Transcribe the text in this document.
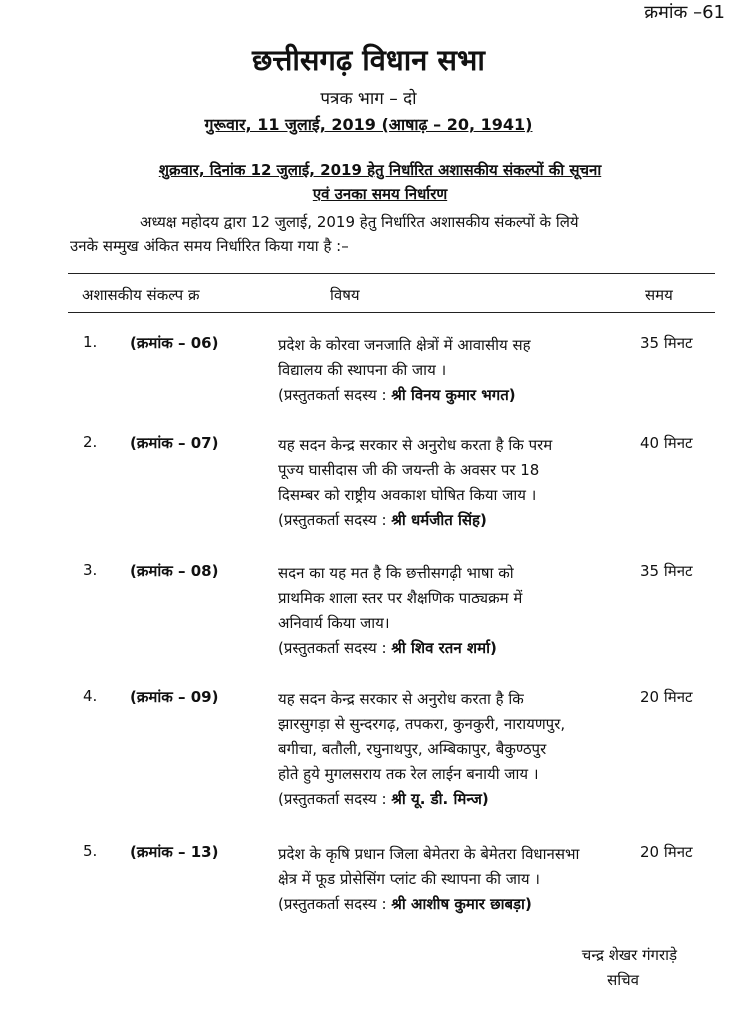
क्रमांक –61
छत्तीसगढ़ विधान सभा
पत्रक भाग – दो
गुरूवार, 11 जुलाई, 2019 (आषाढ़ – 20, 1941)
शुक्रवार, दिनांक 12 जुलाई, 2019 हेतु निर्धारित अशासकीय संकल्पों की सूचना
एवं उनका समय निर्धारण
अध्यक्ष महोदय द्वारा 12 जुलाई, 2019 हेतु निर्धारित अशासकीय संकल्पों के लिये
उनके सम्मुख अंकित समय निर्धारित किया गया है :–
अशासकीय संकल्प क्र	विषय	समय
1. (क्रमांक – 06)	प्रदेश के कोरवा जनजाति क्षेत्रों में आवासीय सह
विद्यालय की स्थापना की जाय ।
(प्रस्तुतकर्ता सदस्य : श्री विनय कुमार भगत)
35 मिनट
2. (क्रमांक – 07)	यह सदन केन्द्र सरकार से अनुरोध करता है कि परम
पूज्य घासीदास जी की जयन्ती के अवसर पर 18
दिसम्बर को राष्ट्रीय अवकाश घोषित किया जाय ।
(प्रस्तुतकर्ता सदस्य : श्री धर्मजीत सिंह)
40 मिनट
3. (क्रमांक – 08)	सदन का यह मत है कि छत्तीसगढ़ी भाषा को
प्राथमिक शाला स्तर पर शैक्षणिक पाठ्यक्रम में
अनिवार्य किया जाय।
(प्रस्तुतकर्ता सदस्य : श्री शिव रतन शर्मा)
35 मिनट
4. (क्रमांक – 09)	यह सदन केन्द्र सरकार से अनुरोध करता है कि
झारसुगड़ा से सुन्दरगढ़, तपकरा, कुनकुरी, नारायणपुर,
बगीचा, बतौली, रघुनाथपुर, अम्बिकापुर, बैकुण्ठपुर
होते हुये मुगलसराय तक रेल लाईन बनायी जाय ।
(प्रस्तुतकर्ता सदस्य : श्री यू. डी. मिन्ज)
20 मिनट
5. (क्रमांक – 13)	प्रदेश के कृषि प्रधान जिला बेमेतरा के बेमेतरा विधानसभा
क्षेत्र में फूड प्रोसेसिंग प्लांट की स्थापना की जाय ।
(प्रस्तुतकर्ता सदस्य : श्री आशीष कुमार छाबड़ा)
20 मिनट
चन्द्र शेखर गंगराड़े
सचिव
